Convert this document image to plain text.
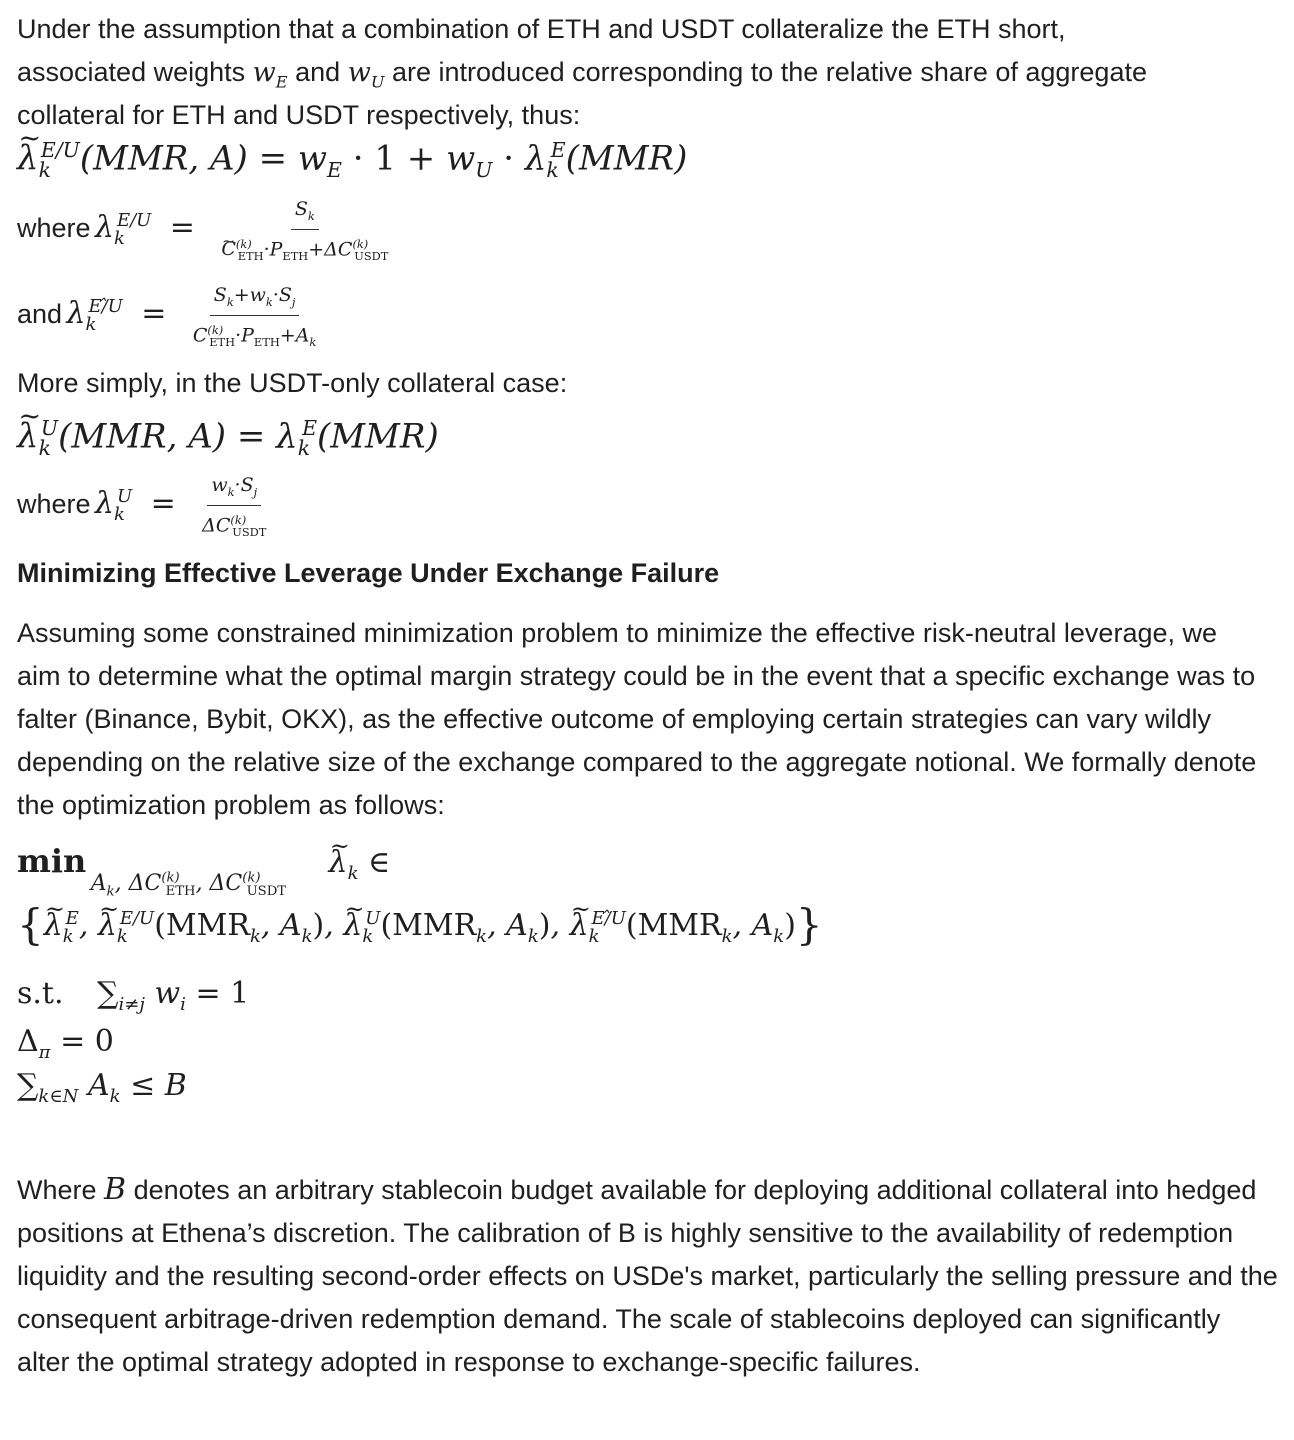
Under the assumption that a combination of ETH and USDT collateralize the ETH short,
associated weights $w_E$ and $w_U$ are introduced corresponding to the relative share of aggregate
collateral for ETH and USDT respectively, thus:
~ $\lambda_k^{E/U}(MMR$, $A) = w_E \cdot 1 + w_U \cdot \lambda_k^E(MMR)$
where $\lambda_k^{E/U} = S_k$
~ $C^{(k)}_{ETH}\cdot P_{ETH}+\Delta C^{(k)}_{USDT}$
and $\lambda_k^{E/̂U} = \frac{S_k+w_k\cdot S_j}{C^{(k)}_{ETH}\cdot P_{ETH}+A_k}$
More simply, in the USDT-only collateral case:
~ $\lambda_k^U(MMR$, $A) = \lambda_k^E(MMR)$
where $\lambda_k^U = \frac{w_k\cdot S_j}{\Delta C^{(k)}_{USDT}}$
Minimizing Effective Leverage Under Exchange Failure

Assuming some constrained minimization problem to minimize the effective risk-neutral leverage, we aim to determine what the optimal margin strategy could be in the event that a specific exchange was to falter (Binance, Bybit, OKX), as the effective outcome of employing certain strategies can vary wildly depending on the relative size of the exchange compared to the aggregate notional. We formally denote the optimization problem as follows:

$\min A_k$, $\Delta C^{(k)}_{ETH}$, $\Delta C^{(k)}_{USDT}$ ~ $\lambda_k$ ∈
{~ $\lambda_k^E$, ~ $\lambda_k^{E/U}(MMR_k$, $A_k$), ~ $\lambda_k^U(MMR_k$, $A_k$), ~ $\lambda_k^{E/̂U}(MMR_k$, $A_k$)}
s.t. $\sum_{i\ne j}$ $w_i = 1$
$\Delta_\pi = 0$
$\sum_{k\in N}$ $A_k \le B$

Where B denotes an arbitrary stablecoin budget available for deploying additional collateral into hedged positions at Ethena’s discretion. The calibration of B is highly sensitive to the availability of redemption liquidity and the resulting second-order effects on USDe's market, particularly the selling pressure and the consequent arbitrage-driven redemption demand. The scale of stablecoins deployed can significantly alter the optimal strategy adopted in response to exchange-specific failures.
